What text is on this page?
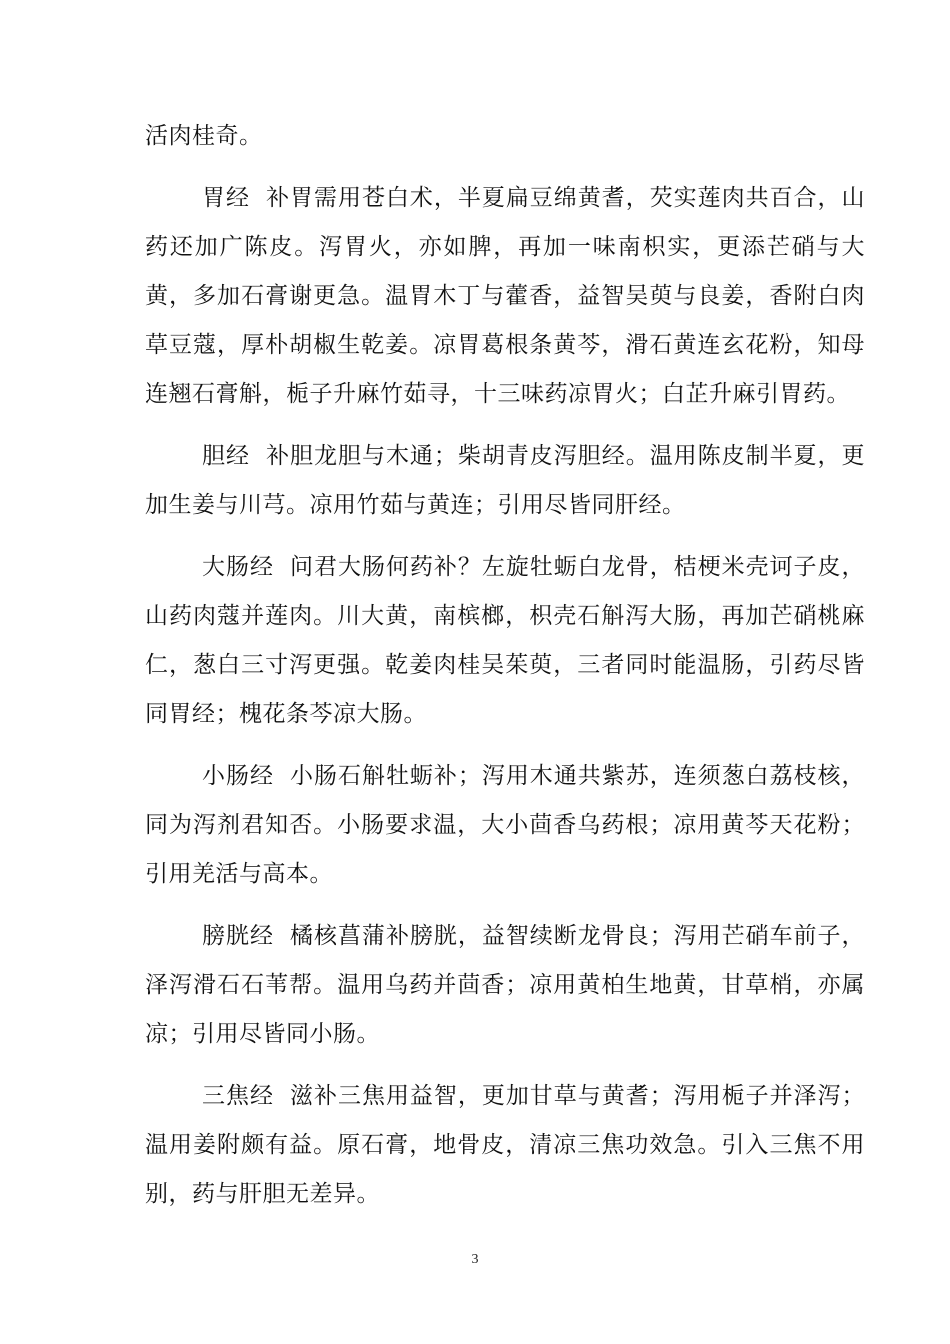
活肉桂奇。

胃经 补胃需用苍白术，半夏扁豆绵黄耆，芡实莲肉共百合，山药还加广陈皮。泻胃火，亦如脾，再加一味南枳实，更添芒硝与大黄，多加石膏谢更急。温胃木丁与藿香，益智吴萸与良姜，香附白肉草豆蔻，厚朴胡椒生乾姜。凉胃葛根条黄芩，滑石黄连玄花粉，知母连翘石膏斛，栀子升麻竹茹寻，十三味药凉胃火；白芷升麻引胃药。

胆经 补胆龙胆与木通；柴胡青皮泻胆经。温用陈皮制半夏，更加生姜与川芎。凉用竹茹与黄连；引用尽皆同肝经。

大肠经 问君大肠何药补？左旋牡蛎白龙骨，桔梗米壳诃子皮，山药肉蔻并莲肉。川大黄，南槟榔，枳壳石斛泻大肠，再加芒硝桃麻仁，葱白三寸泻更强。乾姜肉桂吴茱萸，三者同时能温肠，引药尽皆同胃经；槐花条芩凉大肠。

小肠经 小肠石斛牡蛎补；泻用木通共紫苏，连须葱白荔枝核，同为泻剂君知否。小肠要求温，大小茴香乌药根；凉用黄芩天花粉；引用羌活与高本。

膀胱经 橘核菖蒲补膀胱，益智续断龙骨良；泻用芒硝车前子，泽泻滑石石苇帮。温用乌药并茴香；凉用黄柏生地黄，甘草梢，亦属凉；引用尽皆同小肠。

三焦经 滋补三焦用益智，更加甘草与黄耆；泻用栀子并泽泻；温用姜附颇有益。原石膏，地骨皮，清凉三焦功效急。引入三焦不用别，药与肝胆无差异。

3
